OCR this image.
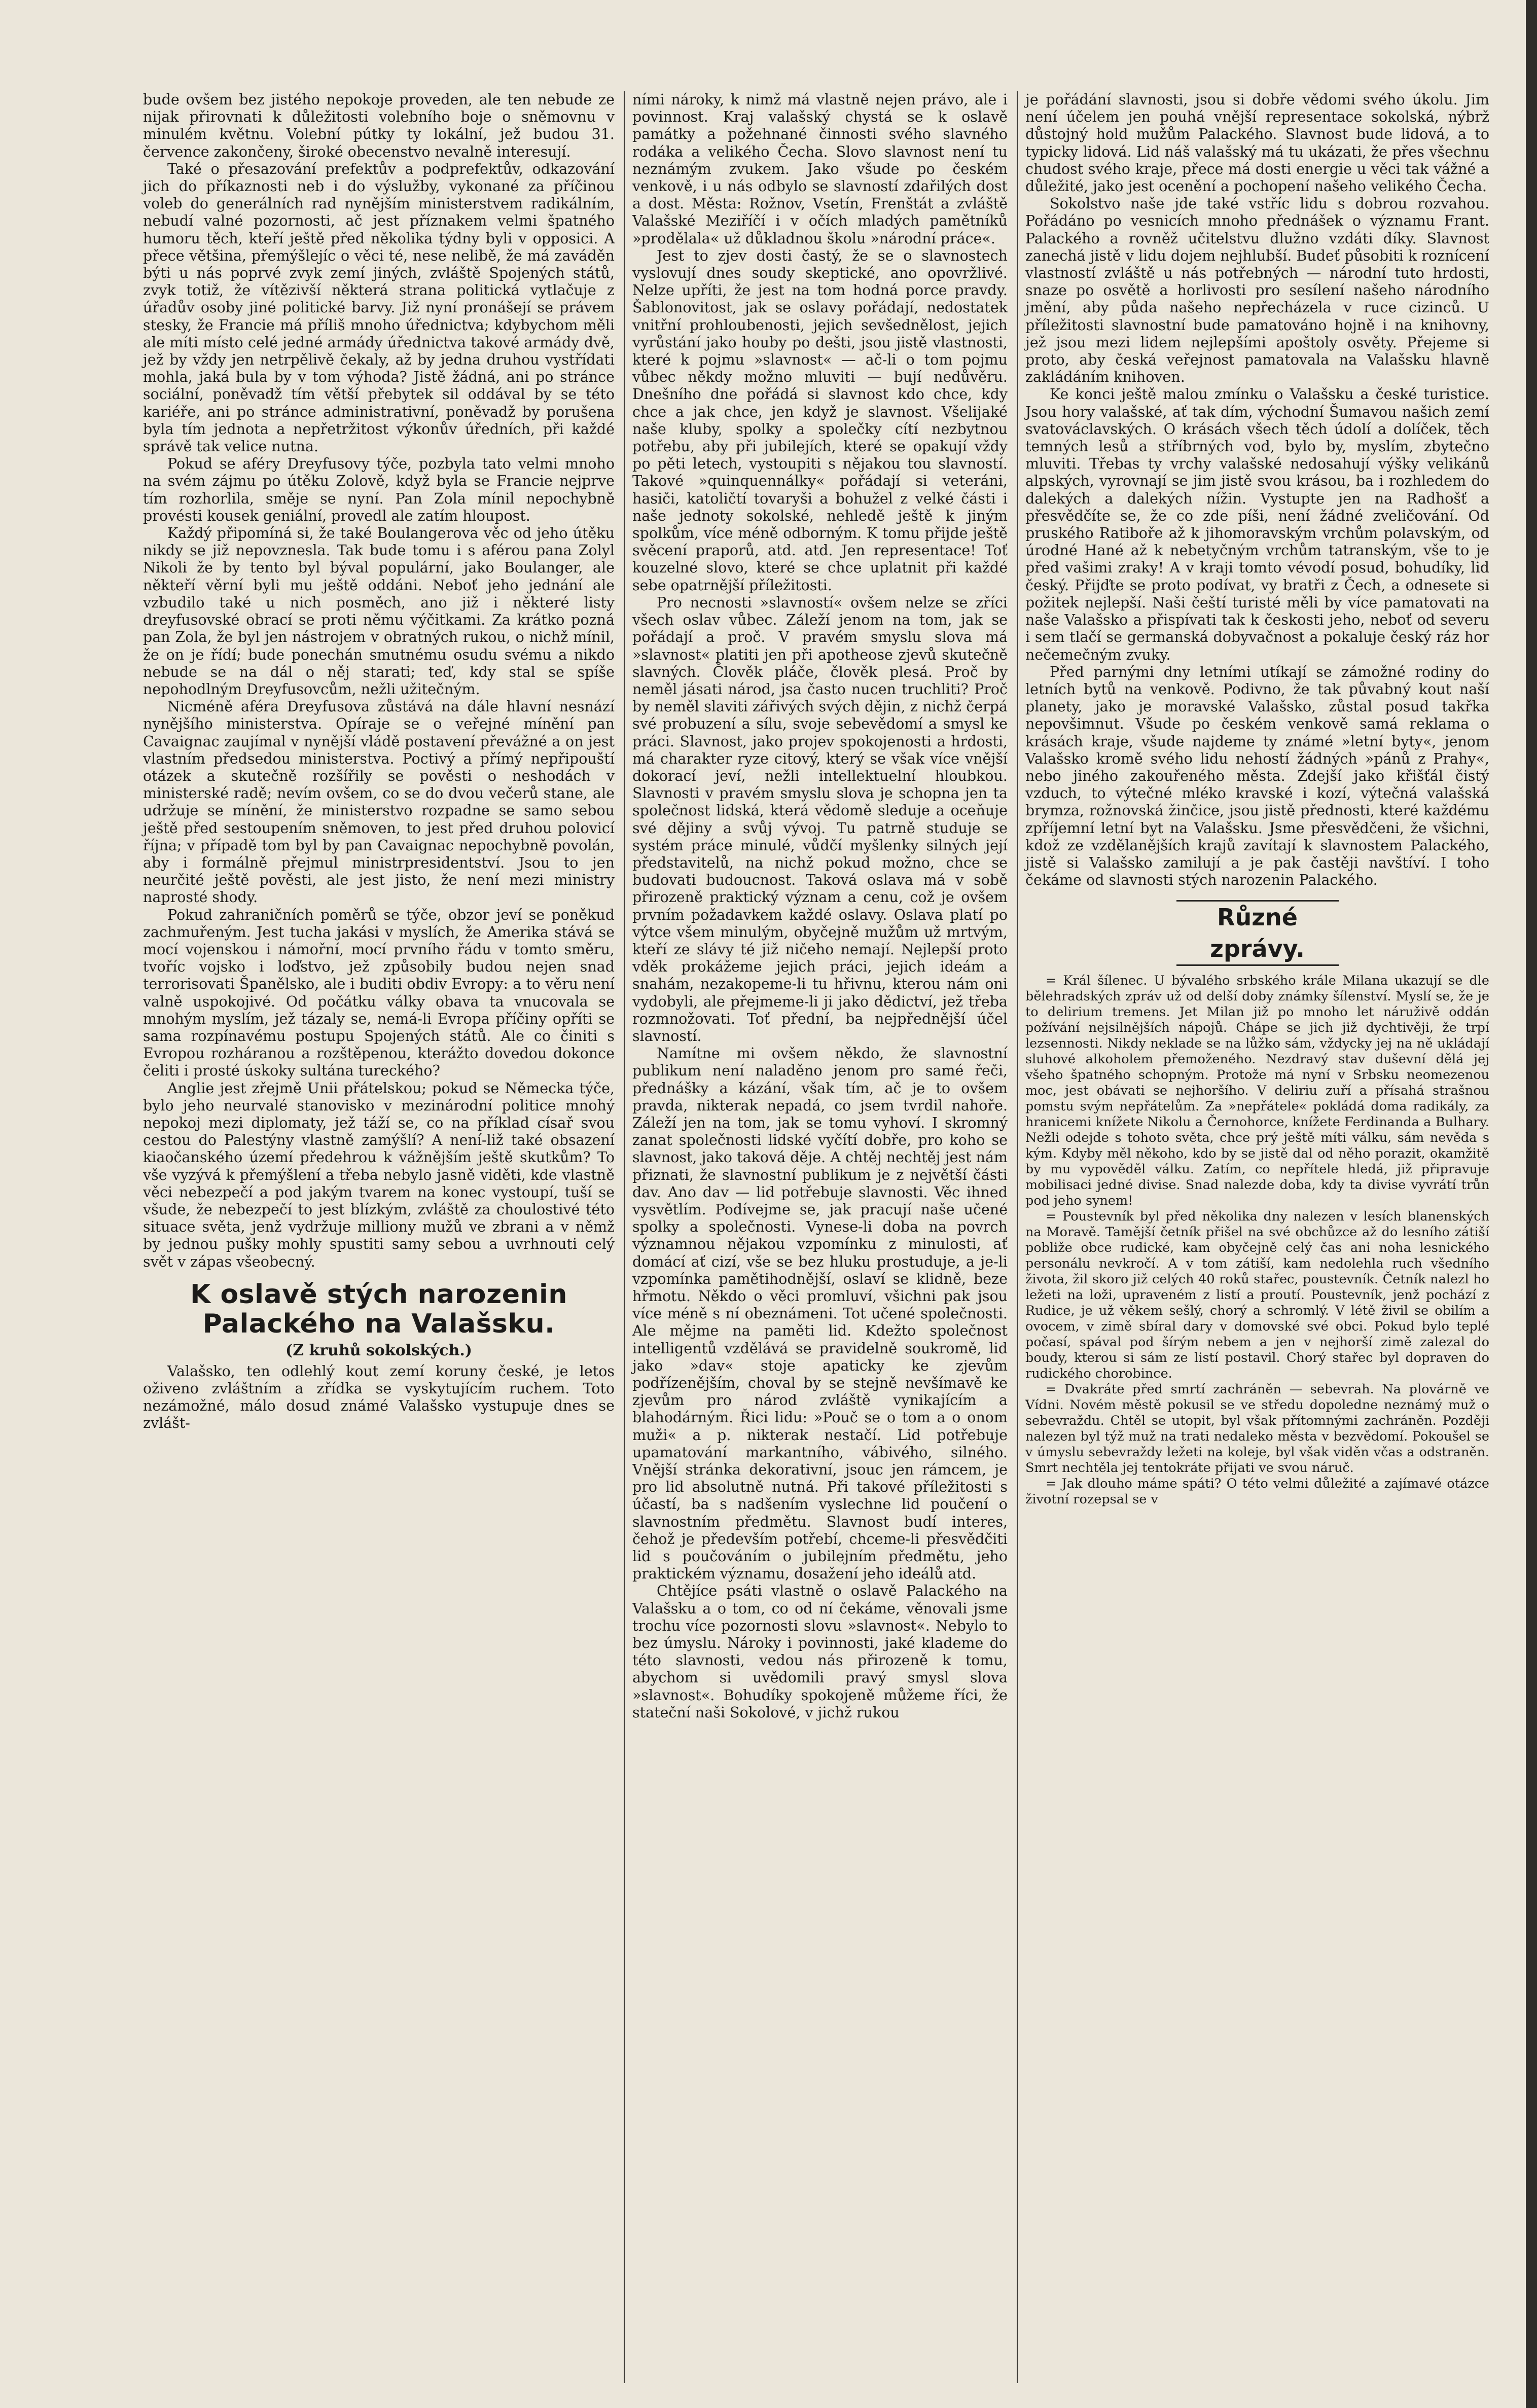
bude ovšem bez jistého nepokoje proveden, ale ten nebude ze nijak přirovnati k důležitosti volebního boje o sněmovnu v minulém květnu. Volební pútky ty lokální, jež budou 31. července zakončeny, široké obecenstvo nevalně interesují.

Také o přesazování prefektův a podprefektův, odkazování jich do příkaznosti neb i do výslužby, vykonané za příčinou voleb do generálních rad nynějším ministerstvem radikálním, nebudí valné pozornosti, ač jest příznakem velmi špatného humoru těch, kteří ještě před několika týdny byli v opposici. A přece většina, přemýšlejíc o věci té, nese nelibě, že má zaváděn býti u nás poprvé zvyk zemí jiných, zvláště Spojených států, zvyk totiž, že vítězivší některá strana politická vytlačuje z úřadův osoby jiné politické barvy. Již nyní pronášejí se právem stesky, že Francie má příliš mnoho úřednictva; kdybychom měli ale míti místo celé jedné armády úřednictva takové armády dvě, jež by vždy jen netrpělivě čekaly, až by jedna druhou vystřídati mohla, jaká bula by v tom výhoda? Jistě žádná, ani po stránce sociální, poněvadž tím větší přebytek sil oddával by se této kariéře, ani po stránce administrativní, poněvadž by porušena byla tím jednota a nepřetržitost výkonův úředních, při každé správě tak velice nutna.

Pokud se aféry Dreyfusovy týče, pozbyla tato velmi mnoho na svém zájmu po útěku Zolově, když byla se Francie nejprve tím rozhorlila, směje se nyní. Pan Zola mínil nepochybně provésti kousek geniální, provedl ale zatím hloupost.

Každý připomíná si, že také Boulangerova věc od jeho útěku nikdy se již nepovznesla. Tak bude tomu i s aférou pana Zolyl Nikoli že by tento byl býval populární, jako Boulanger, ale někteří věrní byli mu ještě oddáni. Neboť jeho jednání ale vzbudilo také u nich posměch, ano již i některé listy dreyfusovské obrací se proti němu výčitkami. Za krátko pozná pan Zola, že byl jen nástrojem v obratných rukou, o nichž mínil, že on je řídí; bude ponechán smutnému osudu svému a nikdo nebude se na dál o něj starati; teď, kdy stal se spíše nepohodlným Dreyfusovcům, nežli užitečným.

Nicméně aféra Dreyfusova zůstává na dále hlavní nesnází nynějšího ministerstva. Opíraje se o veřejné mínění pan Cavaignac zaujímal v nynější vládě postavení převážné a on jest vlastním předsedou ministerstva. Poctivý a přímý nepřipouští otázek a skutečně rozšířily se pověsti o neshodách v ministerské radě; nevím ovšem, co se do dvou večerů stane, ale udržuje se mínění, že ministerstvo rozpadne se samo sebou ještě před sestoupením sněmoven, to jest před druhou polovicí října; v případě tom byl by pan Cavaignac nepochybně povolán, aby i formálně přejmul ministrpresidentství. Jsou to jen neurčité ještě pověsti, ale jest jisto, že není mezi ministry naprosté shody.

Pokud zahraničních poměrů se týče, obzor jeví se poněkud zachmuřeným. Jest tucha jakási v myslích, že Amerika stává se mocí vojenskou i námořní, mocí prvního řádu v tomto směru, tvoříc vojsko i loďstvo, jež způsobily budou nejen snad terrorisovati Španělsko, ale i buditi obdiv Evropy: a to věru není valně uspokojivé. Od počátku války obava ta vnucovala se mnohým myslím, jež tázaly se, nemá-li Evropa příčiny opříti se sama rozpínavému postupu Spojených států. Ale co činiti s Evropou rozháranou a rozštěpenou, kterážto dovedou dokonce čeliti i prosté úskoky sultána tureckého?

Anglie jest zřejmě Unii přátelskou; pokud se Německa týče, bylo jeho neurvalé stanovisko v mezinárodní politice mnohý nepokoj mezi diplomaty, jež táží se, co na příklad císař svou cestou do Palestýny vlastně zamýšlí? A není-liž také obsazení kiaočanského území předehrou k vážnějším ještě skutkům? To vše vyzývá k přemýšlení a třeba nebylo jasně viděti, kde vlastně věci nebezpečí a pod jakým tvarem na konec vystoupí, tuší se všude, že nebezpečí to jest blízkým, zvláště za choulostivé této situace světa, jenž vydržuje milliony mužů ve zbrani a v němž by jednou pušky mohly spustiti samy sebou a uvrhnouti celý svět v zápas všeobecný.

K oslavě stých narozenin Palackého na Valašsku.
(Z kruhů sokolských.)

Valašsko, ten odlehlý kout zemí koruny české, je letos oživeno zvláštním a zřídka se vyskytujícím ruchem. Toto nezámožné, málo dosud známé Valašsko vystupuje dnes se zvlášt-

ními nároky, k nimž má vlastně nejen právo, ale i povinnost. Kraj valašský chystá se k oslavě památky a požehnané činnosti svého slavného rodáka a velikého Čecha. Slovo slavnost není tu neznámým zvukem. Jako všude po českém venkově, i u nás odbylo se slavností zdařilých dost a dost. Města: Rožnov, Vsetín, Frenštát a zvláště Valašské Meziříčí i v očích mladých pamětníků »prodělala« už důkladnou školu »národní práce«.

Jest to zjev dosti častý, že se o slavnostech vyslovují dnes soudy skeptické, ano opovržlivé. Nelze upříti, že jest na tom hodná porce pravdy. Šablonovitost, jak se oslavy pořádají, nedostatek vnitřní prohloubenosti, jejich sevšednělost, jejich vyrůstání jako houby po dešti, jsou jistě vlastnosti, které k pojmu »slavnost« — ač-li o tom pojmu vůbec někdy možno mluviti — bují nedůvěru. Dnešního dne pořádá si slavnost kdo chce, kdy chce a jak chce, jen když je slavnost. Všelijaké naše kluby, spolky a společky cítí nezbytnou potřebu, aby při jubilejích, které se opakují vždy po pěti letech, vystoupiti s nějakou tou slavností. Takové »quinquennálky« pořádají si veteráni, hasiči, katoličtí tovaryši a bohužel z velké části i naše jednoty sokolské, nehledě ještě k jiným spolkům, více méně odborným. K tomu přijde ještě svěcení praporů, atd. atd. Jen representace! Toť kouzelné slovo, které se chce uplatnit při každé sebe opatrnější příležitosti.

Pro necnosti »slavností« ovšem nelze se zříci všech oslav vůbec. Záleží jenom na tom, jak se pořádají a proč. V pravém smyslu slova má »slavnost« platiti jen při apotheose zjevů skutečně slavných. Člověk pláče, člověk plesá. Proč by neměl jásati národ, jsa často nucen truchliti? Proč by neměl slaviti zářivých svých dějin, z nichž čerpá své probuzení a sílu, svoje sebevědomí a smysl ke práci. Slavnost, jako projev spokojenosti a hrdosti, má charakter ryze citový, který se však více vnější dokorací jeví, nežli intellektuelní hloubkou. Slavnosti v pravém smyslu slova je schopna jen ta společnost lidská, která vědomě sleduje a oceňuje své dějiny a svůj vývoj. Tu patrně studuje se systém práce minulé, vůdčí myšlenky silných její představitelů, na nichž pokud možno, chce se budovati budoucnost. Taková oslava má v sobě přirozeně praktický význam a cenu, což je ovšem prvním požadavkem každé oslavy. Oslava platí po výtce všem minulým, obyčejně mužům už mrtvým, kteří ze slávy té již ničeho nemají. Nejlepší proto vděk prokážeme jejich práci, jejich ideám a snahám, nezakopeme-li tu hřivnu, kterou nám oni vydobyli, ale přejmeme-li ji jako dědictví, jež třeba rozmnožovati. Toť přední, ba nejpřednější účel slavností.

Namítne mi ovšem někdo, že slavnostní publikum není naladěno jenom pro samé řeči, přednášky a kázání, však tím, ač je to ovšem pravda, nikterak nepadá, co jsem tvrdil nahoře. Záleží jen na tom, jak se tomu vyhoví. I skromný zanat společnosti lidské vyčítí dobře, pro koho se slavnost, jako taková děje. A chtěj nechtěj jest nám přiznati, že slavnostní publikum je z největší části dav. Ano dav — lid potřebuje slavnosti. Věc ihned vysvětlím. Podívejme se, jak pracují naše učené spolky a společnosti. Vynese-li doba na povrch významnou nějakou vzpomínku z minulosti, ať domácí ať cizí, vše se bez hluku prostuduje, a je-li vzpomínka pamětihodnější, oslaví se klidně, beze hřmotu. Někdo o věci promluví, všichni pak jsou více méně s ní obeznámeni. Tot učené společnosti. Ale mějme na paměti lid. Kdežto společnost intelligentů vzdělává se pravidelně soukromě, lid jako »dav« stoje apaticky ke zjevům podřízenějším, choval by se stejně nevšímavě ke zjevům pro národ zvláště vynikajícím a blahodárným. Řici lidu: »Pouč se o tom a o onom muži« a p. nikterak nestačí. Lid potřebuje upamatování markantního, vábivého, silného. Vnější stránka dekorativní, jsouc jen rámcem, je pro lid absolutně nutná. Při takové příležitosti s účastí, ba s nadšením vyslechne lid poučení o slavnostním předmětu. Slavnost budí interes, čehož je především potřebí, chceme-li přesvědčiti lid s poučováním o jubilejním předmětu, jeho praktickém významu, dosažení jeho ideálů atd.

Chtějíce psáti vlastně o oslavě Palackého na Valašsku a o tom, co od ní čekáme, věnovali jsme trochu více pozornosti slovu »slavnost«. Nebylo to bez úmyslu. Nároky i povinnosti, jaké klademe do této slavnosti, vedou nás přirozeně k tomu, abychom si uvědomili pravý smysl slova »slavnost«. Bohudíky spokojeně můžeme říci, že stateční naši Sokolové, v jichž rukou

je pořádání slavnosti, jsou si dobře vědomi svého úkolu. Jim není účelem jen pouhá vnější representace sokolská, nýbrž důstojný hold mužům Palackého. Slavnost bude lidová, a to typicky lidová. Lid náš valašský má tu ukázati, že přes všechnu chudost svého kraje, přece má dosti energie u věci tak vážné a důležité, jako jest ocenění a pochopení našeho velikého Čecha.

Sokolstvo naše jde také vstříc lidu s dobrou rozvahou. Pořádáno po vesnicích mnoho přednášek o významu Frant. Palackého a rovněž učitelstvu dlužno vzdáti díky. Slavnost zanechá jistě v lidu dojem nejhlubší. Budeť působiti k roznícení vlastností zvláště u nás potřebných — národní tuto hrdosti, snaze po osvětě a horlivosti pro sesílení našeho národního jmění, aby půda našeho nepřecházela v ruce cizinců. U příležitosti slavnostní bude pamatováno hojně i na knihovny, jež jsou mezi lidem nejlepšími apoštoly osvěty. Přejeme si proto, aby česká veřejnost pamatovala na Valašsku hlavně zakládáním knihoven.

Ke konci ještě malou zmínku o Valašsku a české turistice. Jsou hory valašské, ať tak dím, východní Šumavou našich zemí svatováclavských. O krásách všech těch údolí a dolíček, těch temných lesů a stříbrných vod, bylo by, myslím, zbytečno mluviti. Třebas ty vrchy valašské nedosahují výšky velikánů alpských, vyrovnají se jim jistě svou krásou, ba i rozhledem do dalekých a dalekých nížin. Vystupte jen na Radhošť a přesvědčíte se, že co zde píši, není žádné zveličování. Od pruského Ratiboře až k jihomoravským vrchům polavským, od úrodné Hané až k nebetyčným vrchům tatranským, vše to je před vašimi zraky! A v kraji tomto vévodí posud, bohudíky, lid český. Přijďte se proto podívat, vy bratři z Čech, a odnesete si požitek nejlepší. Naši čeští turisté měli by více pamatovati na naše Valašsko a přispívati tak k českosti jeho, neboť od severu i sem tlačí se germanská dobyvačnost a pokaluje český ráz hor nečemečným zvuky.

Před parnými dny letními utíkají se zámožné rodiny do letních bytů na venkově. Podivno, že tak půvabný kout naší planety, jako je moravské Valašsko, zůstal posud takřka nepovšimnut. Všude po českém venkově samá reklama o krásách kraje, všude najdeme ty známé »letní byty«, jenom Valašsko kromě svého lidu nehostí žádných »pánů z Prahy«, nebo jiného zakouřeného města. Zdejší jako křišťál čistý vzduch, to výtečné mléko kravské i kozí, výtečná valašská brymza, rožnovská žinčice, jsou jistě přednosti, které každému zpříjemní letní byt na Valašsku. Jsme přesvědčeni, že všichni, kdož ze vzdělanějších krajů zavítají k slavnostem Palackého, jistě si Valašsko zamilují a je pak častěji navštíví. I toho čekáme od slavnosti stých narozenin Palackého.

Různé zprávy.

= Král šílenec. U bývalého srbského krále Milana ukazují se dle bělehradských zpráv už od delší doby známky šílenství. Myslí se, že je to delirium tremens. Jet Milan již po mnoho let náruživě oddán požívání nejsilnějších nápojů. Chápe se jich již dychtivěji, že trpí lezsennosti. Nikdy neklade se na lůžko sám, vždycky jej na ně ukládají sluhové alkoholem přemoženého. Nezdravý stav duševní dělá jej všeho špatného schopným. Protože má nyní v Srbsku neomezenou moc, jest obávati se nejhoršího. V deliriu zuří a přísahá strašnou pomstu svým nepřátelům. Za »nepřátele« pokládá doma radikály, za hranicemi knížete Nikolu a Černohorce, knížete Ferdinanda a Bulhary. Nežli odejde s tohoto světa, chce prý ještě míti válku, sám nevěda s kým. Kdyby měl někoho, kdo by se jistě dal od něho porazit, okamžitě by mu vypověděl válku. Zatím, co nepřítele hledá, již připravuje mobilisaci jedné divise. Snad nalezde doba, kdy ta divise vyvrátí trůn pod jeho synem!

= Poustevník byl před několika dny nalezen v lesích blanenských na Moravě. Tamější četník přišel na své obchůzce až do lesního zátiší pobliže obce rudické, kam obyčejně celý čas ani noha lesnického personálu nevkročí. A v tom zátiší, kam nedolehla ruch všedního života, žil skoro již celých 40 roků stařec, poustevník. Četník nalezl ho ležeti na loži, upraveném z listí a proutí. Poustevník, jenž pochází z Rudice, je už věkem sešlý, chorý a schromlý. V létě živil se obilím a ovocem, v zimě sbíral dary v domovské své obci. Pokud bylo teplé počasí, spával pod šírým nebem a jen v nejhorší zimě zalezal do boudy, kterou si sám ze listí postavil. Chorý stařec byl dopraven do rudického chorobince.

= Dvakráte před smrtí zachráněn — sebevrah. Na plovárně ve Vídni. Novém městě pokusil se ve středu dopoledne neznámý muž o sebevraždu. Chtěl se utopit, byl však přítomnými zachráněn. Později nalezen byl týž muž na trati nedaleko města v bezvědomí. Pokoušel se v úmyslu sebevraždy ležeti na koleje, byl však viděn včas a odstraněn. Smrt nechtěla jej tentokráte přijati ve svou náruč.

= Jak dlouho máme spáti? O této velmi důležité a zajímavé otázce životní rozepsal se v
